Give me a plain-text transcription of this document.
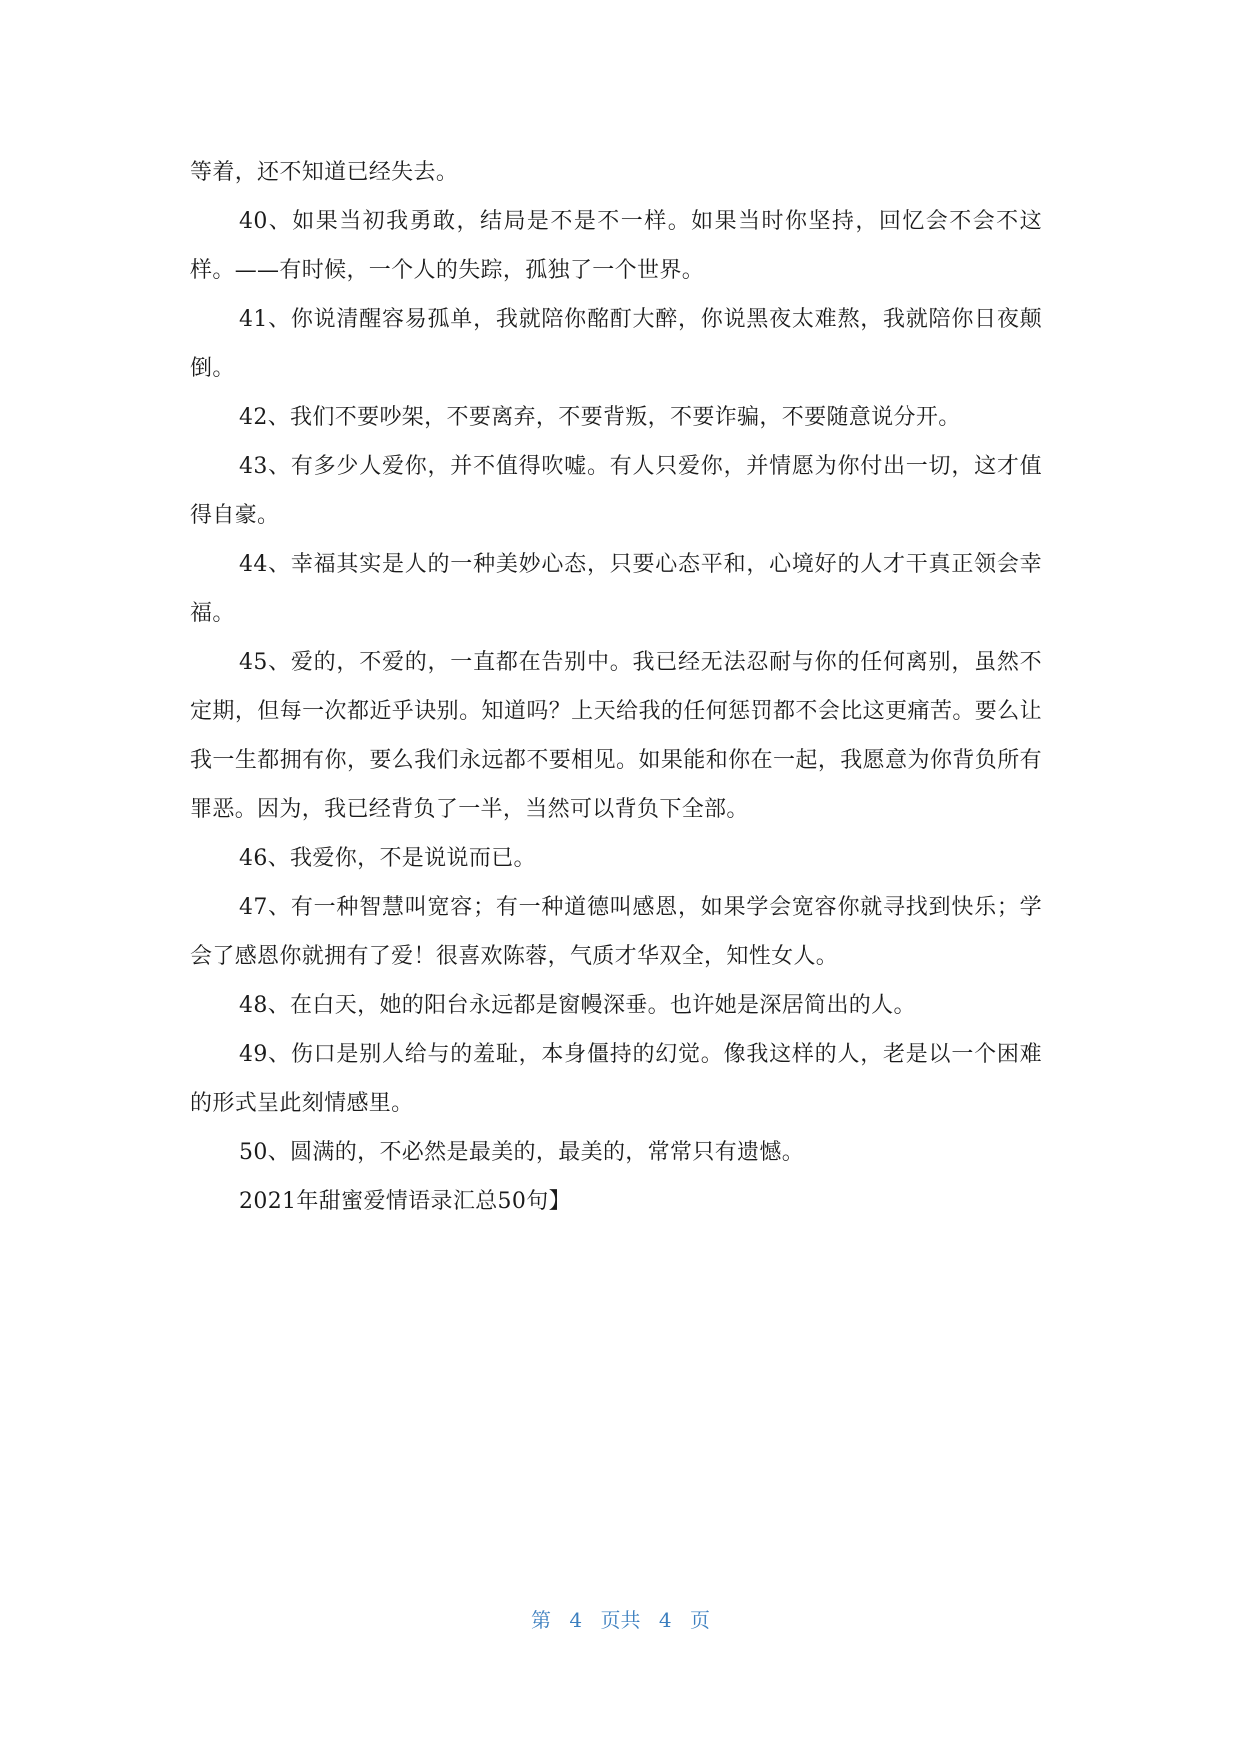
等着，还不知道已经失去。

40、如果当初我勇敢，结局是不是不一样。如果当时你坚持，回忆会不会不这样。——有时候，一个人的失踪，孤独了一个世界。

41、你说清醒容易孤单，我就陪你酩酊大醉，你说黑夜太难熬，我就陪你日夜颠倒。

42、我们不要吵架，不要离弃，不要背叛，不要诈骗，不要随意说分开。

43、有多少人爱你，并不值得吹嘘。有人只爱你，并情愿为你付出一切，这才值得自豪。

44、幸福其实是人的一种美妙心态，只要心态平和，心境好的人才干真正领会幸福。

45、爱的，不爱的，一直都在告别中。我已经无法忍耐与你的任何离别，虽然不定期，但每一次都近乎诀别。知道吗？上天给我的任何惩罚都不会比这更痛苦。要么让我一生都拥有你，要么我们永远都不要相见。如果能和你在一起，我愿意为你背负所有罪恶。因为，我已经背负了一半，当然可以背负下全部。

46、我爱你，不是说说而已。

47、有一种智慧叫宽容；有一种道德叫感恩，如果学会宽容你就寻找到快乐；学会了感恩你就拥有了爱！很喜欢陈蓉，气质才华双全，知性女人。

48、在白天，她的阳台永远都是窗幔深垂。也许她是深居简出的人。

49、伤口是别人给与的羞耻，本身僵持的幻觉。像我这样的人，老是以一个困难的形式呈此刻情感里。

50、圆满的，不必然是最美的，最美的，常常只有遗憾。

2021年甜蜜爱情语录汇总50句】

第 4 页共 4 页
